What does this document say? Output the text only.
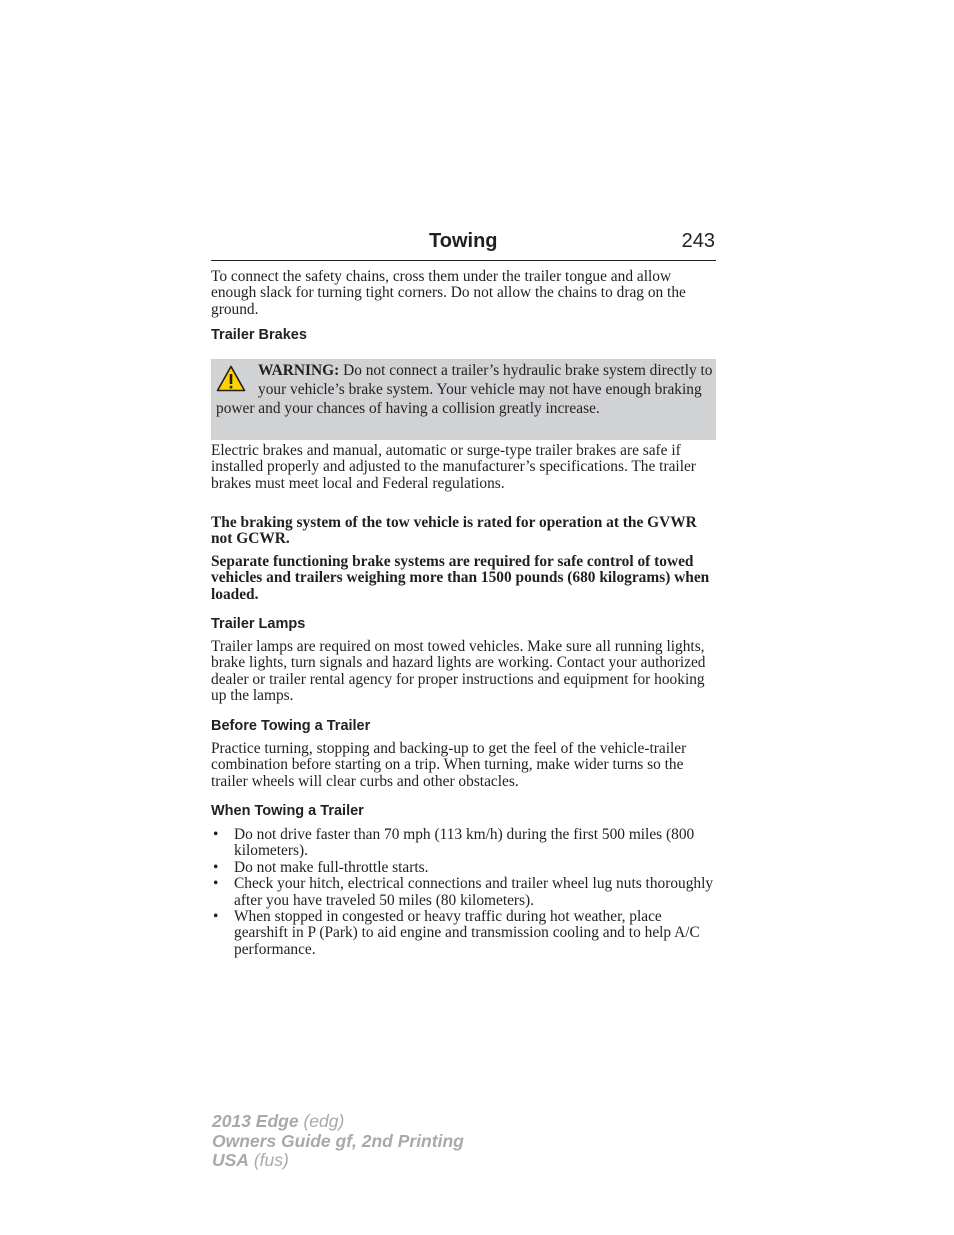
Towing	243

To connect the safety chains, cross them under the trailer tongue and allow enough slack for turning tight corners. Do not allow the chains to drag on the ground.

Trailer Brakes
WARNING: Do not connect a trailer’s hydraulic brake system directly to your vehicle’s brake system. Your vehicle may not have enough braking power and your chances of having a collision greatly increase.

Electric brakes and manual, automatic or surge-type trailer brakes are safe if installed properly and adjusted to the manufacturer’s specifications. The trailer brakes must meet local and Federal regulations.

The braking system of the tow vehicle is rated for operation at the GVWR not GCWR.

Separate functioning brake systems are required for safe control of towed vehicles and trailers weighing more than 1500 pounds (680 kilograms) when loaded.

Trailer Lamps

Trailer lamps are required on most towed vehicles. Make sure all running lights, brake lights, turn signals and hazard lights are working. Contact your authorized dealer or trailer rental agency for proper instructions and equipment for hooking up the lamps.

Before Towing a Trailer

Practice turning, stopping and backing-up to get the feel of the vehicle-trailer combination before starting on a trip. When turning, make wider turns so the trailer wheels will clear curbs and other obstacles.

When Towing a Trailer
• Do not drive faster than 70 mph (113 km/h) during the first 500 miles (800 kilometers).
• Do not make full-throttle starts.
• Check your hitch, electrical connections and trailer wheel lug nuts thoroughly after you have traveled 50 miles (80 kilometers).
• When stopped in congested or heavy traffic during hot weather, place gearshift in P (Park) to aid engine and transmission cooling and to help A/C performance.
2013 Edge (edg)
Owners Guide gf, 2nd Printing
USA (fus)
